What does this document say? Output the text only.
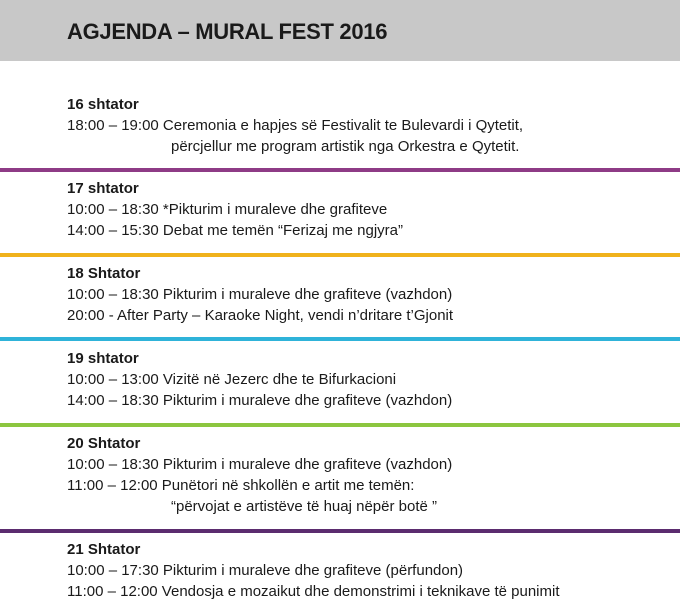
AGJENDA – MURAL FEST 2016
16 shtator
18:00 – 19:00 Ceremonia e hapjes së Festivalit te Bulevardi i Qytetit,
përcjellur me program artistik nga Orkestra e Qytetit.
17 shtator
10:00 – 18:30 *Pikturim i muraleve dhe grafiteve
14:00 – 15:30 Debat me temën “Ferizaj me ngjyra”
18 Shtator
10:00 – 18:30 Pikturim i muraleve dhe grafiteve (vazhdon)
20:00 - After Party – Karaoke Night, vendi n’dritare t’Gjonit
19 shtator
10:00 – 13:00 Vizitë në Jezerc dhe te Bifurkacioni
14:00 – 18:30 Pikturim i muraleve dhe grafiteve (vazhdon)
20 Shtator
10:00 – 18:30 Pikturim i muraleve dhe grafiteve (vazhdon)
11:00 – 12:00 Punëtori në shkollën e artit me temën:
“përvojat e artistëve të huaj nëpër botë ”
21 Shtator
10:00 – 17:30 Pikturim i muraleve dhe grafiteve (përfundon)
11:00 – 12:00 Vendosja e mozaikut dhe demonstrimi i teknikave të punimit
